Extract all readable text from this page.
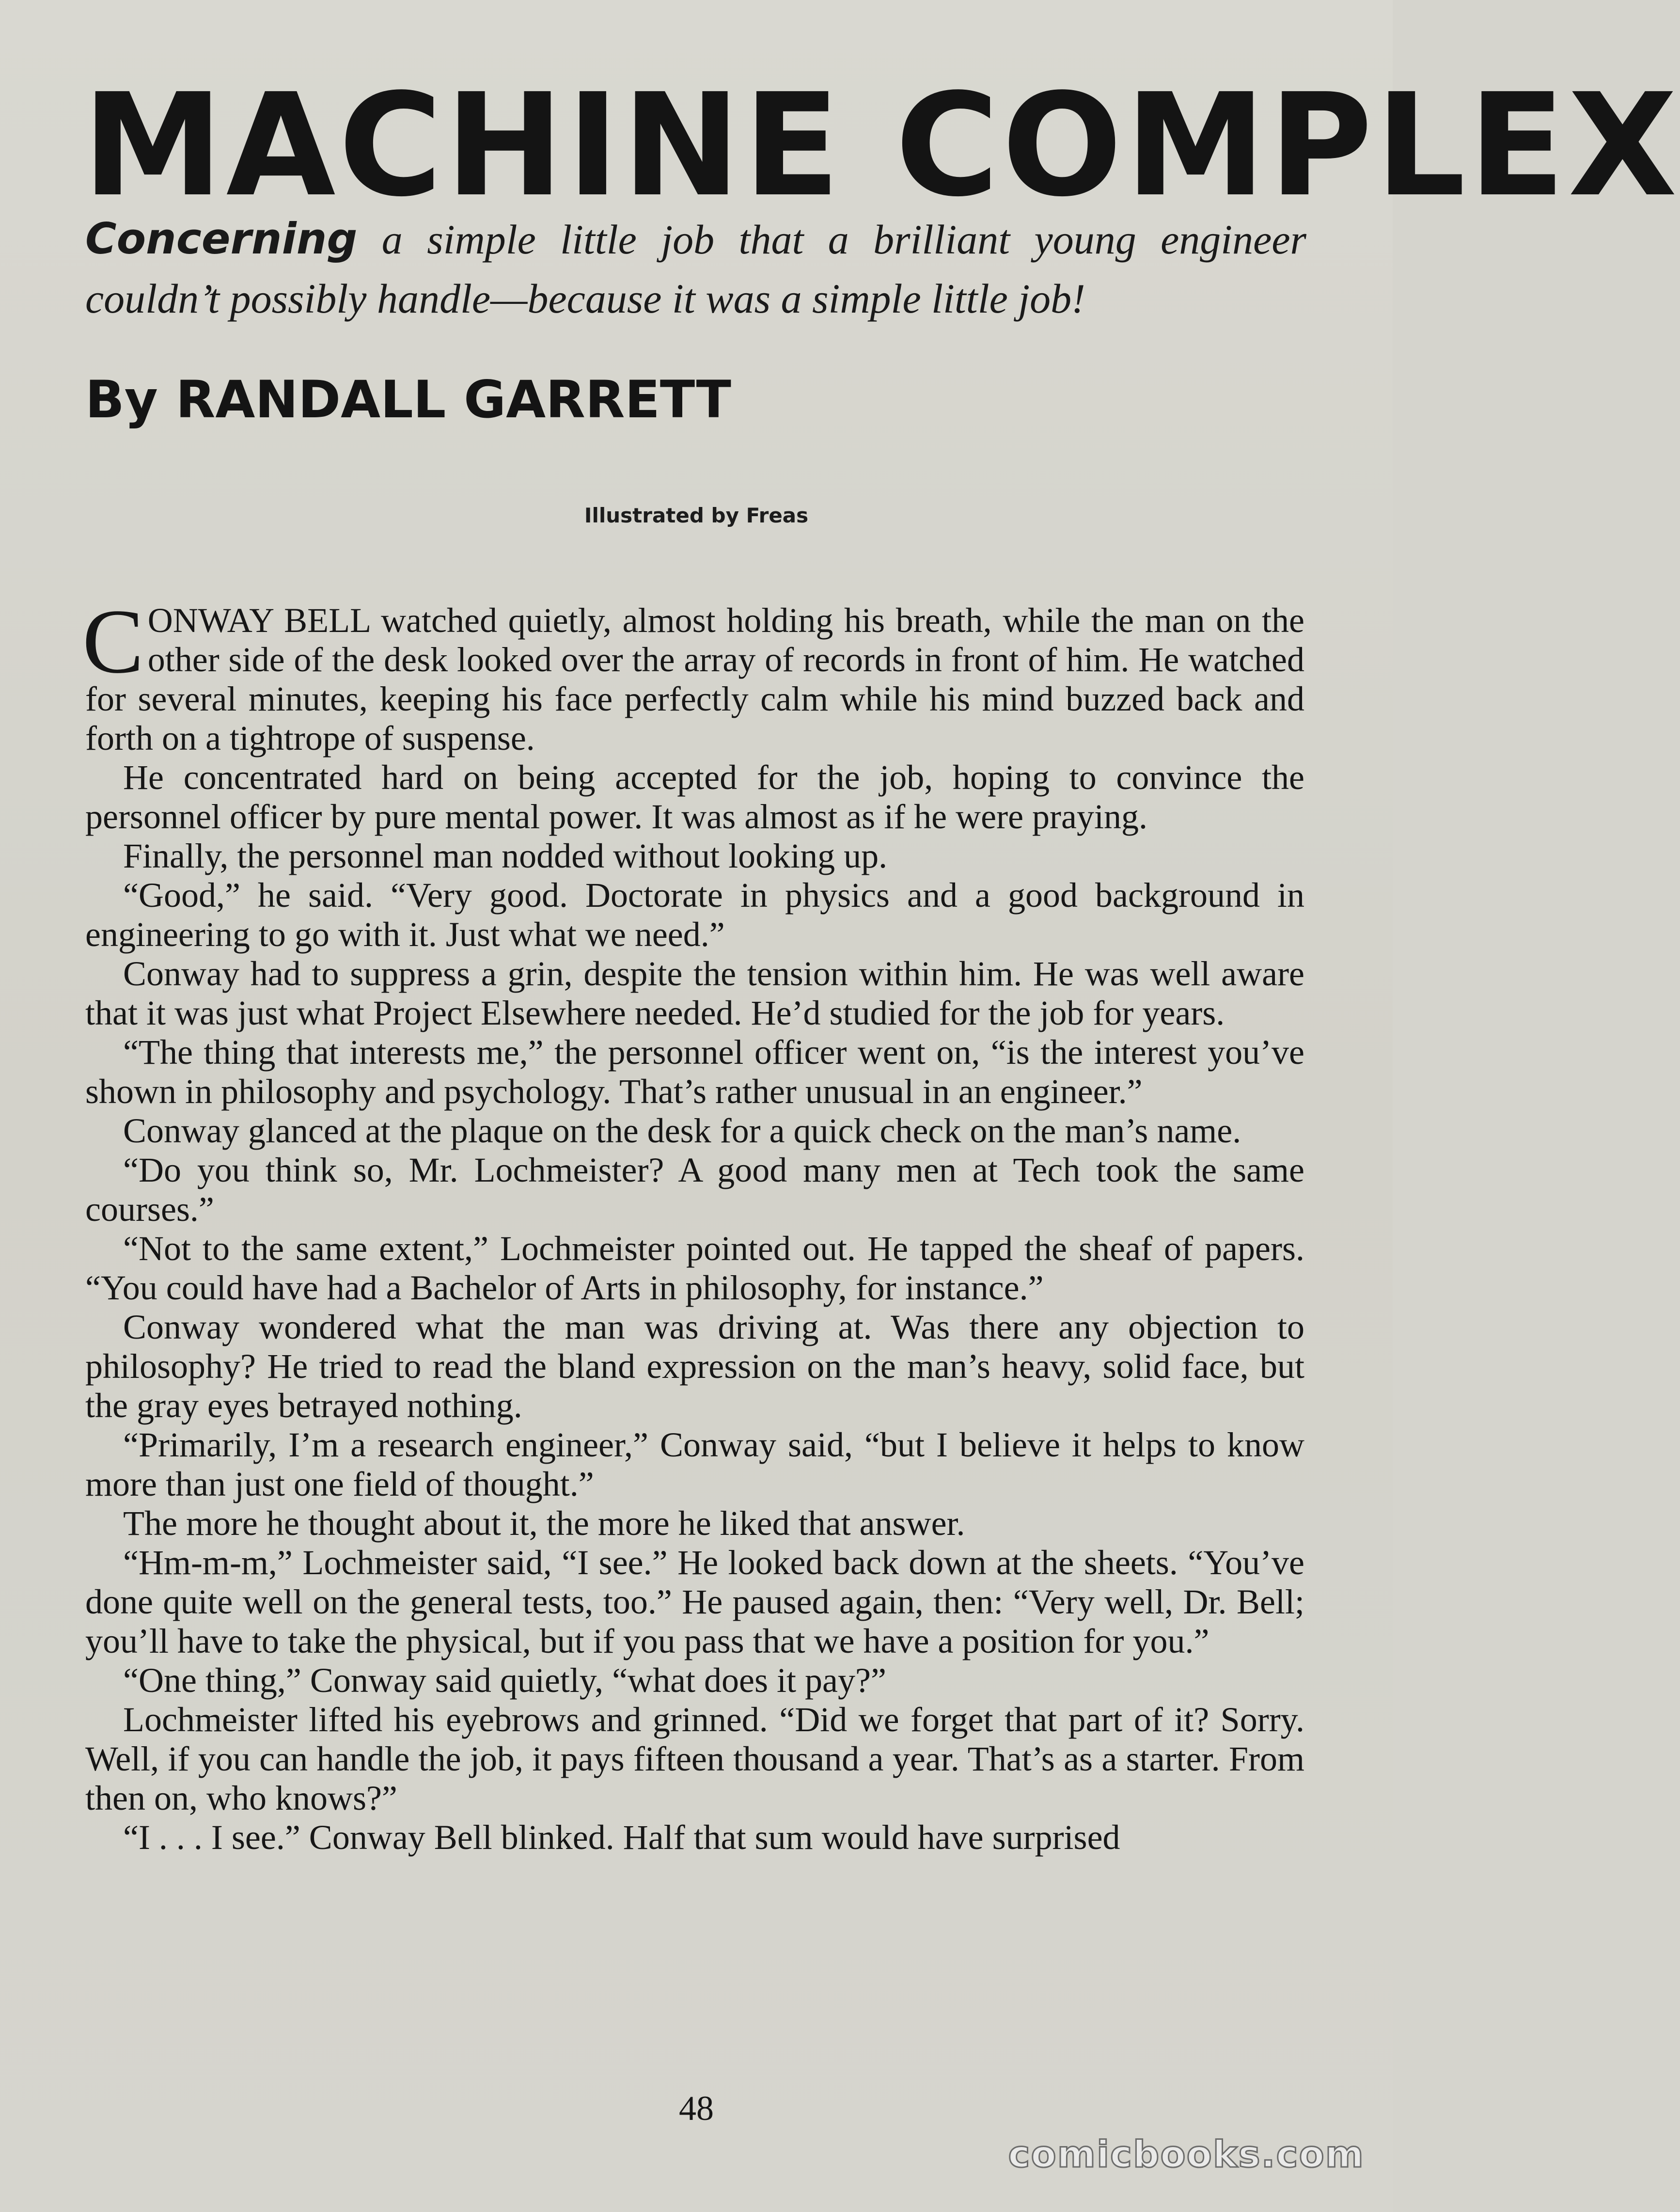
MACHINE COMPLEX

Concerning a simple little job that a brilliant young engineer couldn’t possibly handle—because it was a simple little job!

By RANDALL GARRETT

Illustrated by Freas

CONWAY BELL watched quietly, almost holding his breath, while the man on the other side of the desk looked over the array of records in front of him. He watched for several minutes, keeping his face perfectly calm while his mind buzzed back and forth on a tightrope of suspense.

He concentrated hard on being accepted for the job, hoping to convince the personnel officer by pure mental power. It was almost as if he were praying.

Finally, the personnel man nodded without looking up.

“Good,” he said. “Very good. Doctorate in physics and a good background in engineering to go with it. Just what we need.”

Conway had to suppress a grin, despite the tension within him. He was well aware that it was just what Project Elsewhere needed. He’d studied for the job for years.

“The thing that interests me,” the personnel officer went on, “is the interest you’ve shown in philosophy and psychology. That’s rather unusual in an engineer.”

Conway glanced at the plaque on the desk for a quick check on the man’s name.

“Do you think so, Mr. Lochmeister? A good many men at Tech took the same courses.”

“Not to the same extent,” Lochmeister pointed out. He tapped the sheaf of papers. “You could have had a Bachelor of Arts in philosophy, for instance.”

Conway wondered what the man was driving at. Was there any objection to philosophy? He tried to read the bland expression on the man’s heavy, solid face, but the gray eyes betrayed nothing.

“Primarily, I’m a research engineer,” Conway said, “but I believe it helps to know more than just one field of thought.”

The more he thought about it, the more he liked that answer.

“Hm-m-m,” Lochmeister said, “I see.” He looked back down at the sheets. “You’ve done quite well on the general tests, too.” He paused again, then: “Very well, Dr. Bell; you’ll have to take the physical, but if you pass that we have a position for you.”

“One thing,” Conway said quietly, “what does it pay?”

Lochmeister lifted his eyebrows and grinned. “Did we forget that part of it? Sorry. Well, if you can handle the job, it pays fifteen thousand a year. That’s as a starter. From then on, who knows?”

“I . . . I see.” Conway Bell blinked. Half that sum would have surprised

48

comicbooks.com
